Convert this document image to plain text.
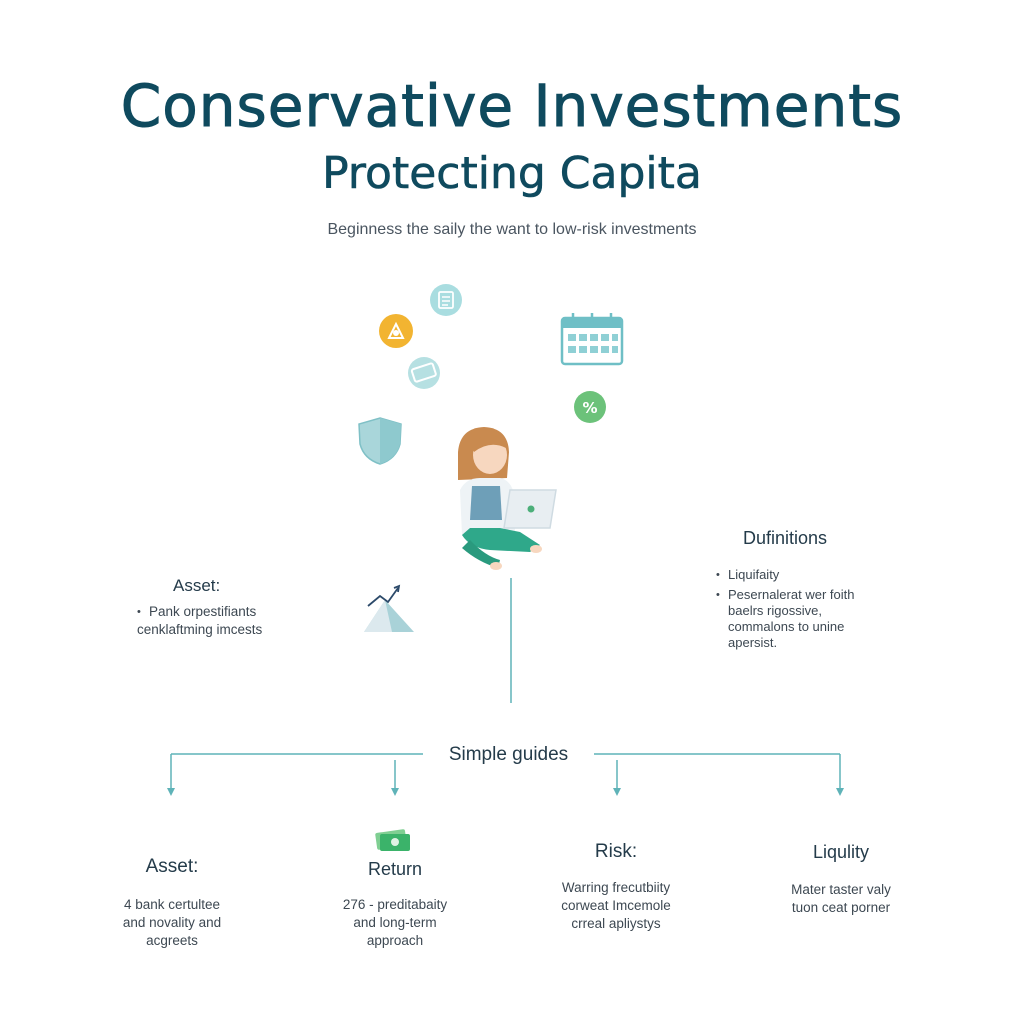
Conservative Investments
Protecting Capita
Beginness the saily the want to low-risk investments
%
Asset:
• Pank orpestifiants
cenklaftming imcests
Dufinitions
• Liquifaity
• Pesernalerat wer foith baelrs rigossive, commalons to unine apersist.
Simple guides
Asset:
4 bank certultee and novality and acgreets
Return
276 - preditabaity and long-term approach
Risk:
Warring frecutbiity corweat Imcemole crreal apliystys
Liqulity
Mater taster valy tuon ceat porner
